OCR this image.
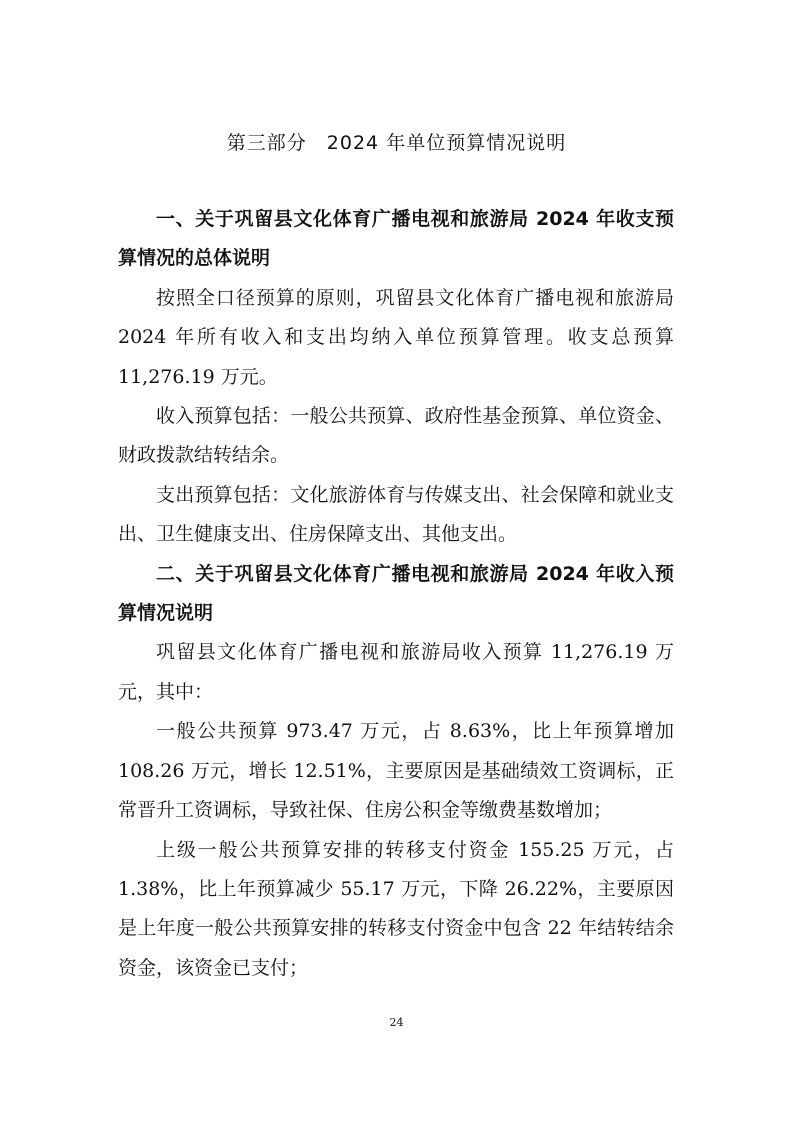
第三部分　2024 年单位预算情况说明

一、关于巩留县文化体育广播电视和旅游局 2024 年收支预算情况的总体说明

按照全口径预算的原则，巩留县文化体育广播电视和旅游局 2024 年所有收入和支出均纳入单位预算管理。收支总预算 11,276.19 万元。

收入预算包括：一般公共预算、政府性基金预算、单位资金、财政拨款结转结余。

支出预算包括：文化旅游体育与传媒支出、社会保障和就业支出、卫生健康支出、住房保障支出、其他支出。

二、关于巩留县文化体育广播电视和旅游局 2024 年收入预算情况说明

巩留县文化体育广播电视和旅游局收入预算 11,276.19 万元，其中：

一般公共预算 973.47 万元，占 8.63%，比上年预算增加 108.26 万元，增长 12.51%，主要原因是基础绩效工资调标，正常晋升工资调标，导致社保、住房公积金等缴费基数增加；

上级一般公共预算安排的转移支付资金 155.25 万元，占 1.38%，比上年预算减少 55.17 万元，下降 26.22%，主要原因是上年度一般公共预算安排的转移支付资金中包含 22 年结转结余资金，该资金已支付；

24
